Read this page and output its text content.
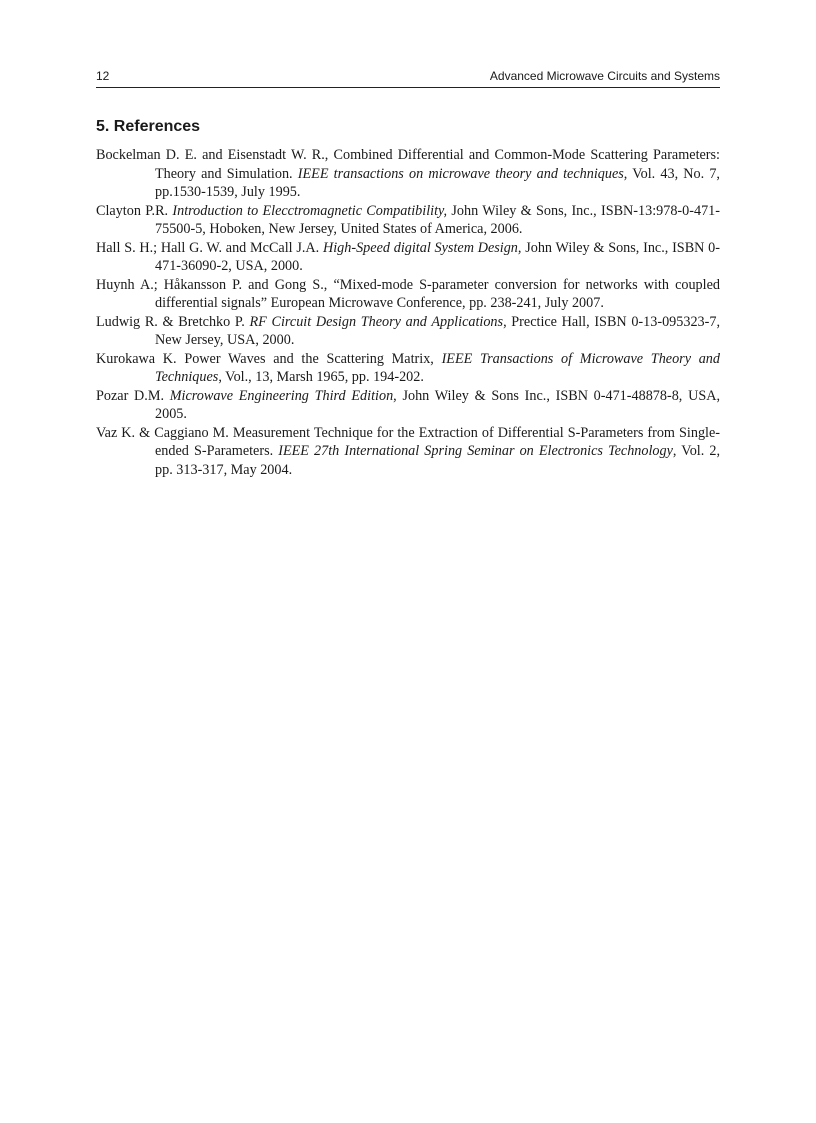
12	Advanced Microwave Circuits and Systems
5. References
Bockelman D. E. and Eisenstadt W. R., Combined Differential and Common-Mode Scattering Parameters: Theory and Simulation. IEEE transactions on microwave theory and techniques, Vol. 43, No. 7, pp.1530-1539, July 1995.
Clayton P.R. Introduction to Elecctromagnetic Compatibility, John Wiley & Sons, Inc., ISBN-13:978-0-471-75500-5, Hoboken, New Jersey, United States of America, 2006.
Hall S. H.; Hall G. W. and McCall J.A. High-Speed digital System Design, John Wiley & Sons, Inc., ISBN 0-471-36090-2, USA, 2000.
Huynh A.; Håkansson P. and Gong S., “Mixed-mode S-parameter conversion for networks with coupled differential signals” European Microwave Conference, pp. 238-241, July 2007.
Ludwig R. & Bretchko P. RF Circuit Design Theory and Applications, Prectice Hall, ISBN 0-13-095323-7, New Jersey, USA, 2000.
Kurokawa K. Power Waves and the Scattering Matrix, IEEE Transactions of Microwave Theory and Techniques, Vol., 13, Marsh 1965, pp. 194-202.
Pozar D.M. Microwave Engineering Third Edition, John Wiley & Sons Inc., ISBN 0-471-48878-8, USA, 2005.
Vaz K. & Caggiano M. Measurement Technique for the Extraction of Differential S-Parameters from Single-ended S-Parameters. IEEE 27th International Spring Seminar on Electronics Technology, Vol. 2, pp. 313-317, May 2004.
